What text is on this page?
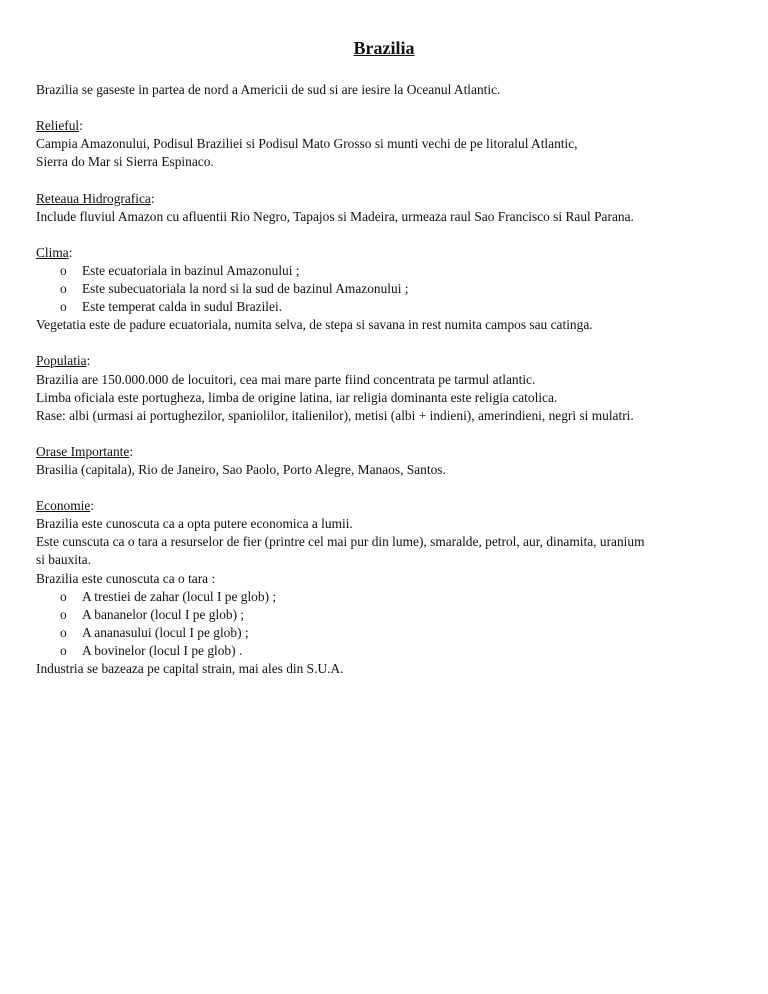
Brazilia
Brazilia se gaseste in partea de nord a Americii de sud si are iesire la Oceanul Atlantic.
Relieful:
Campia Amazonului, Podisul Braziliei si Podisul Mato Grosso si munti vechi de pe litoralul Atlantic,
Sierra do Mar si Sierra Espinaco.
Reteaua Hidrografica:
Include fluviul Amazon cu afluentii Rio Negro, Tapajos si Madeira, urmeaza raul Sao Francisco si Raul Parana.
Clima:
o Este ecuatoriala in bazinul Amazonului ;
o Este subecuatoriala la nord si la sud de bazinul Amazonului ;
o Este temperat calda in sudul Brazilei.
Vegetatia este de padure ecuatoriala, numita selva, de stepa si savana in rest numita campos sau catinga.
Populatia:
Brazilia are 150.000.000 de locuitori, cea mai mare parte fiind concentrata pe tarmul atlantic.
Limba oficiala este portugheza, limba de origine latina, iar religia dominanta este religia catolica.
Rase: albi (urmasi ai portughezilor, spaniolilor, italienilor), metisi (albi + indieni), amerindieni, negri si mulatri.
Orase Importante:
Brasilia (capitala), Rio de Janeiro, Sao Paolo, Porto Alegre, Manaos, Santos.
Economie:
Brazilia este cunoscuta ca a opta putere economica a lumii.
Este cunscuta ca o tara a resurselor de fier (printre cel mai pur din lume), smaralde, petrol, aur, dinamita, uranium
si bauxita.
Brazilia este cunoscuta ca o tara :
o A trestiei de zahar (locul I pe glob) ;
o A bananelor (locul I pe glob) ;
o A ananasului (locul I pe glob) ;
o A bovinelor (locul I pe glob) .
Industria se bazeaza pe capital strain, mai ales din S.U.A.
